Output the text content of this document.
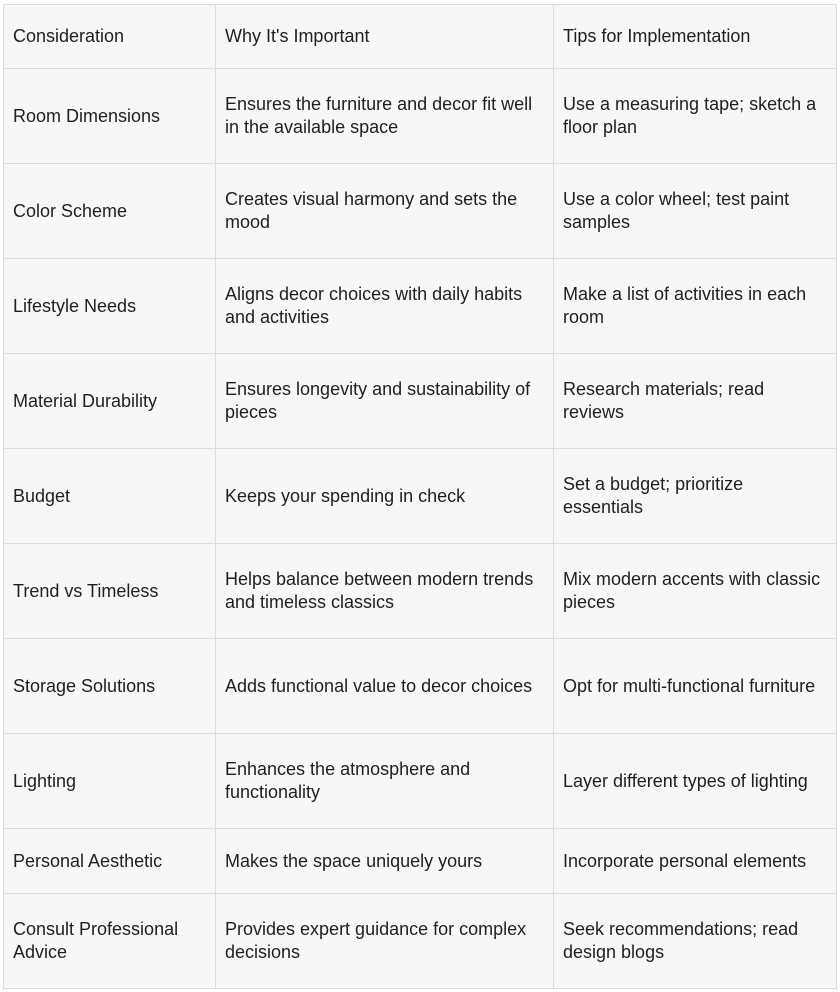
Consideration	Why It's Important	Tips for Implementation
Room Dimensions	Ensures the furniture and decor fit well in the available space	Use a measuring tape; sketch a floor plan
Color Scheme	Creates visual harmony and sets the mood	Use a color wheel; test paint samples
Lifestyle Needs	Aligns decor choices with daily habits and activities	Make a list of activities in each room
Material Durability	Ensures longevity and sustainability of pieces	Research materials; read reviews
Budget	Keeps your spending in check	Set a budget; prioritize essentials
Trend vs Timeless	Helps balance between modern trends and timeless classics	Mix modern accents with classic pieces
Storage Solutions	Adds functional value to decor choices	Opt for multi-functional furniture
Lighting	Enhances the atmosphere and functionality	Layer different types of lighting
Personal Aesthetic	Makes the space uniquely yours	Incorporate personal elements
Consult Professional Advice	Provides expert guidance for complex decisions	Seek recommendations; read design blogs
